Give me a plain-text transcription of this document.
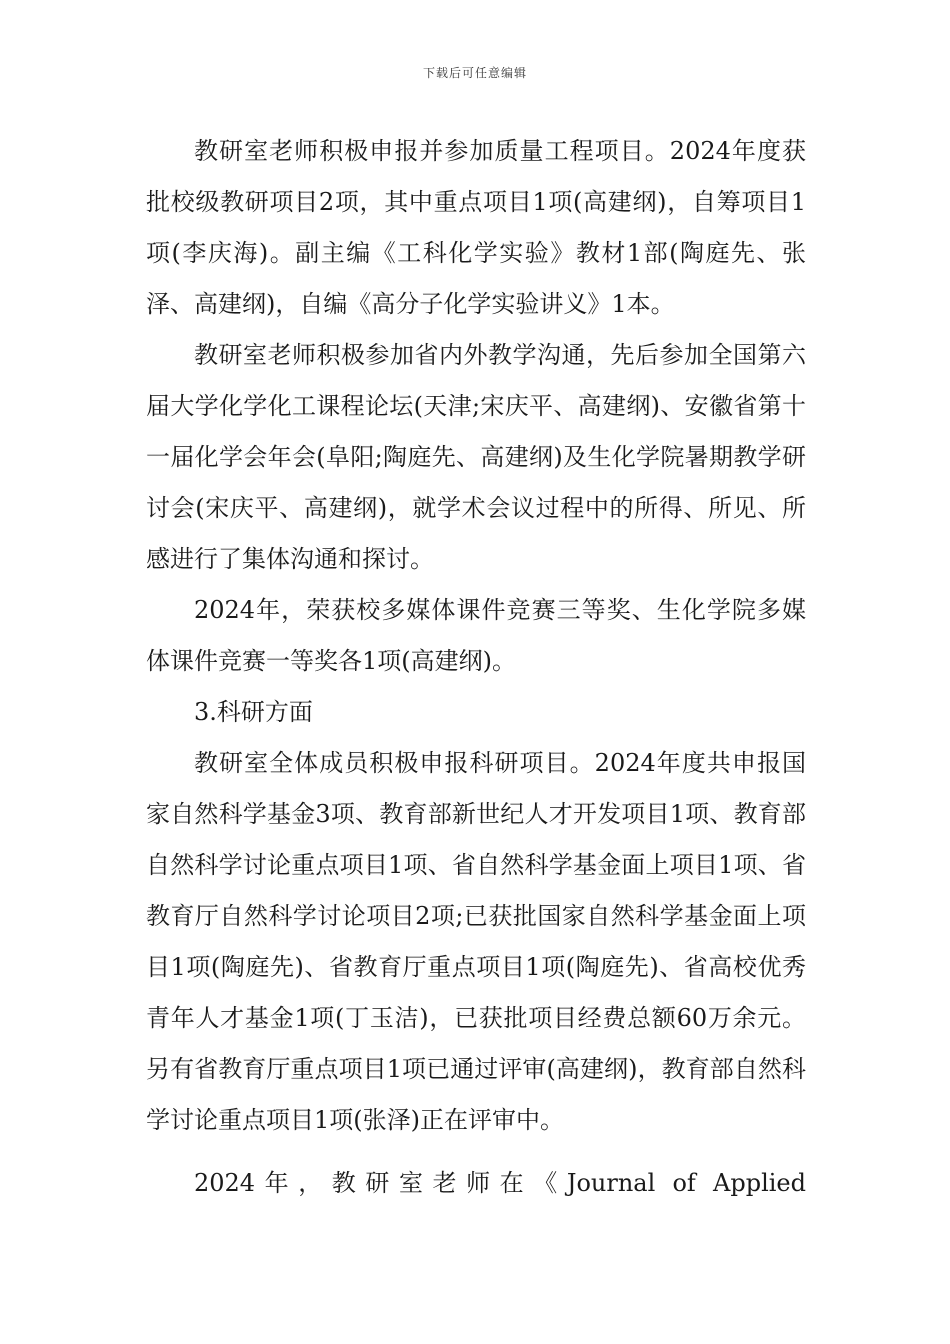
下载后可任意编辑

教研室老师积极申报并参加质量工程项目。2024年度获批校级教研项目2项，其中重点项目1项(高建纲)，自筹项目1项(李庆海)。副主编《工科化学实验》教材1部(陶庭先、张泽、高建纲)，自编《高分子化学实验讲义》1本。

教研室老师积极参加省内外教学沟通，先后参加全国第六届大学化学化工课程论坛(天津;宋庆平、高建纲)、安徽省第十一届化学会年会(阜阳;陶庭先、高建纲)及生化学院暑期教学研讨会(宋庆平、高建纲)，就学术会议过程中的所得、所见、所感进行了集体沟通和探讨。

2024年，荣获校多媒体课件竞赛三等奖、生化学院多媒体课件竞赛一等奖各1项(高建纲)。

3.科研方面

教研室全体成员积极申报科研项目。2024年度共申报国家自然科学基金3项、教育部新世纪人才开发项目1项、教育部自然科学讨论重点项目1项、省自然科学基金面上项目1项、省教育厅自然科学讨论项目2项;已获批国家自然科学基金面上项目1项(陶庭先)、省教育厅重点项目1项(陶庭先)、省高校优秀青年人才基金1项(丁玉洁)，已获批项目经费总额60万余元。另有省教育厅重点项目1项已通过评审(高建纲)，教育部自然科学讨论重点项目1项(张泽)正在评审中。

2024年，教研室老师在《Journal of Applied
